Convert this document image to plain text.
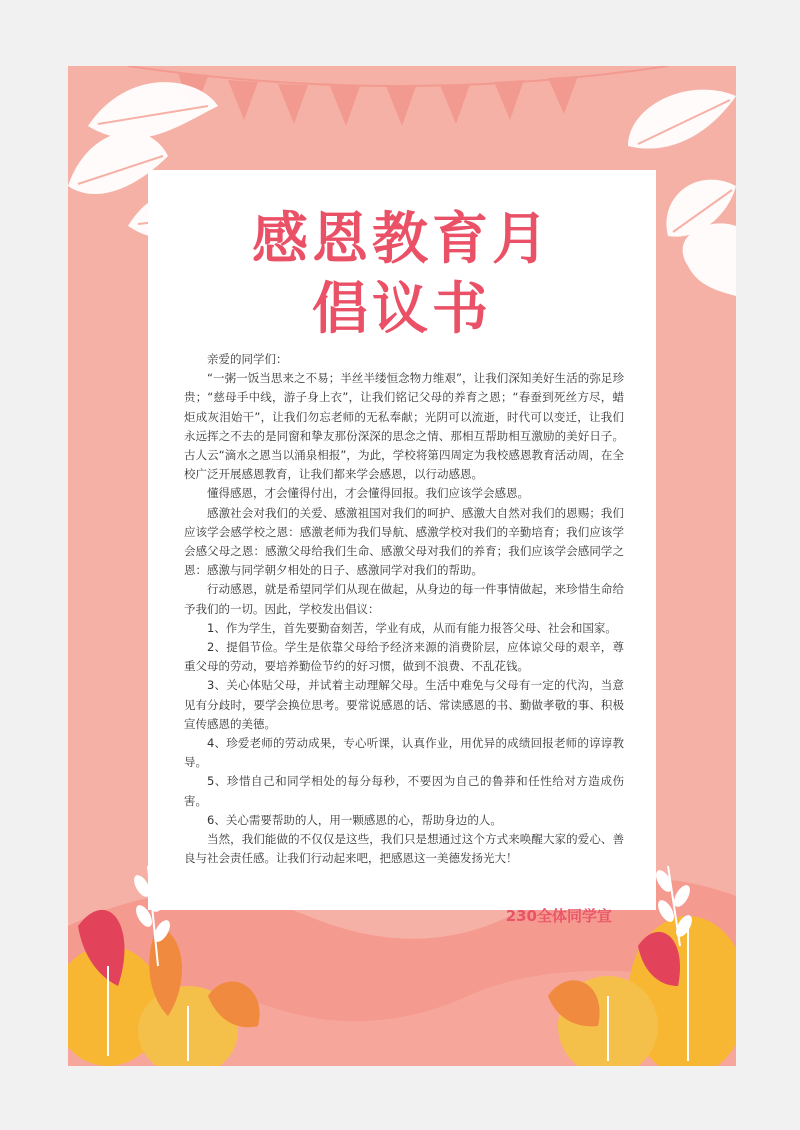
感恩教育月
倡议书

亲爱的同学们：

“一粥一饭当思来之不易；半丝半缕恒念物力维艰”，让我们深知美好生活的弥足珍贵；“慈母手中线，游子身上衣”，让我们铭记父母的养育之恩；“春蚕到死丝方尽，蜡炬成灰泪始干”，让我们勿忘老师的无私奉献；光阴可以流逝，时代可以变迁，让我们永远挥之不去的是同窗和挚友那份深深的思念之情、那相互帮助相互激励的美好日子。古人云“滴水之恩当以涌泉相报”，为此，学校将第四周定为我校感恩教育活动周，在全校广泛开展感恩教育，让我们都来学会感恩，以行动感恩。

懂得感恩，才会懂得付出，才会懂得回报。我们应该学会感恩。

感激社会对我们的关爱、感激祖国对我们的呵护、感激大自然对我们的恩赐；我们应该学会感学校之恩：感激老师为我们导航、感激学校对我们的辛勤培育；我们应该学会感父母之恩：感激父母给我们生命、感激父母对我们的养育；我们应该学会感同学之恩：感激与同学朝夕相处的日子、感激同学对我们的帮助。

行动感恩，就是希望同学们从现在做起，从身边的每一件事情做起，来珍惜生命给予我们的一切。因此，学校发出倡议：

1、作为学生，首先要勤奋刻苦，学业有成，从而有能力报答父母、社会和国家。

2、提倡节俭。学生是依靠父母给予经济来源的消费阶层，应体谅父母的艰辛，尊重父母的劳动，要培养勤俭节约的好习惯，做到不浪费、不乱花钱。

3、关心体贴父母，并试着主动理解父母。生活中难免与父母有一定的代沟，当意见有分歧时，要学会换位思考。要常说感恩的话、常读感恩的书、勤做孝敬的事、积极宣传感恩的美德。

4、珍爱老师的劳动成果，专心听课，认真作业，用优异的成绩回报老师的谆谆教导。

5、珍惜自己和同学相处的每分每秒，不要因为自己的鲁莽和任性给对方造成伤害。

6、关心需要帮助的人，用一颗感恩的心，帮助身边的人。

当然，我们能做的不仅仅是这些，我们只是想通过这个方式来唤醒大家的爱心、善良与社会责任感。让我们行动起来吧，把感恩这一美德发扬光大！

230全体同学宣
